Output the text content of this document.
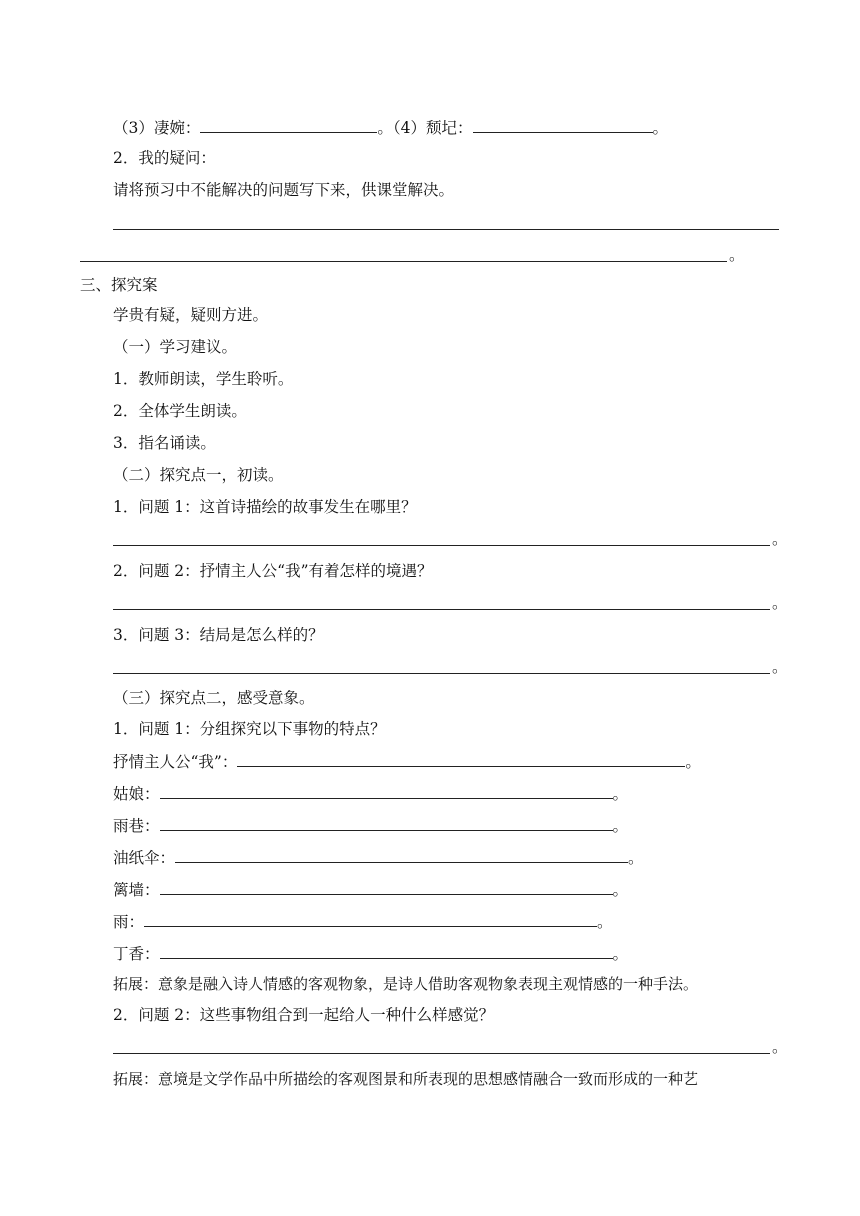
（3）凄婉：	。（4）颓圮：	。
2．我的疑问：
请将预习中不能解决的问题写下来，供课堂解决。
。
三、探究案
学贵有疑，疑则方进。
（一）学习建议。
1．教师朗读，学生聆听。
2．全体学生朗读。
3．指名诵读。
（二）探究点一，初读。
1．问题 1：这首诗描绘的故事发生在哪里？
。
2．问题 2：抒情主人公“我”有着怎样的境遇？
。
3．问题 3：结局是怎么样的？
。
（三）探究点二，感受意象。
1．问题 1：分组探究以下事物的特点？
抒情主人公“我”：	。
姑娘：	。
雨巷：	。
油纸伞：	。
篱墙：	。
雨：	。
丁香：	。
拓展：意象是融入诗人情感的客观物象，是诗人借助客观物象表现主观情感的一种手法。
2．问题 2：这些事物组合到一起给人一种什么样感觉？
。
拓展：意境是文学作品中所描绘的客观图景和所表现的思想感情融合一致而形成的一种艺
